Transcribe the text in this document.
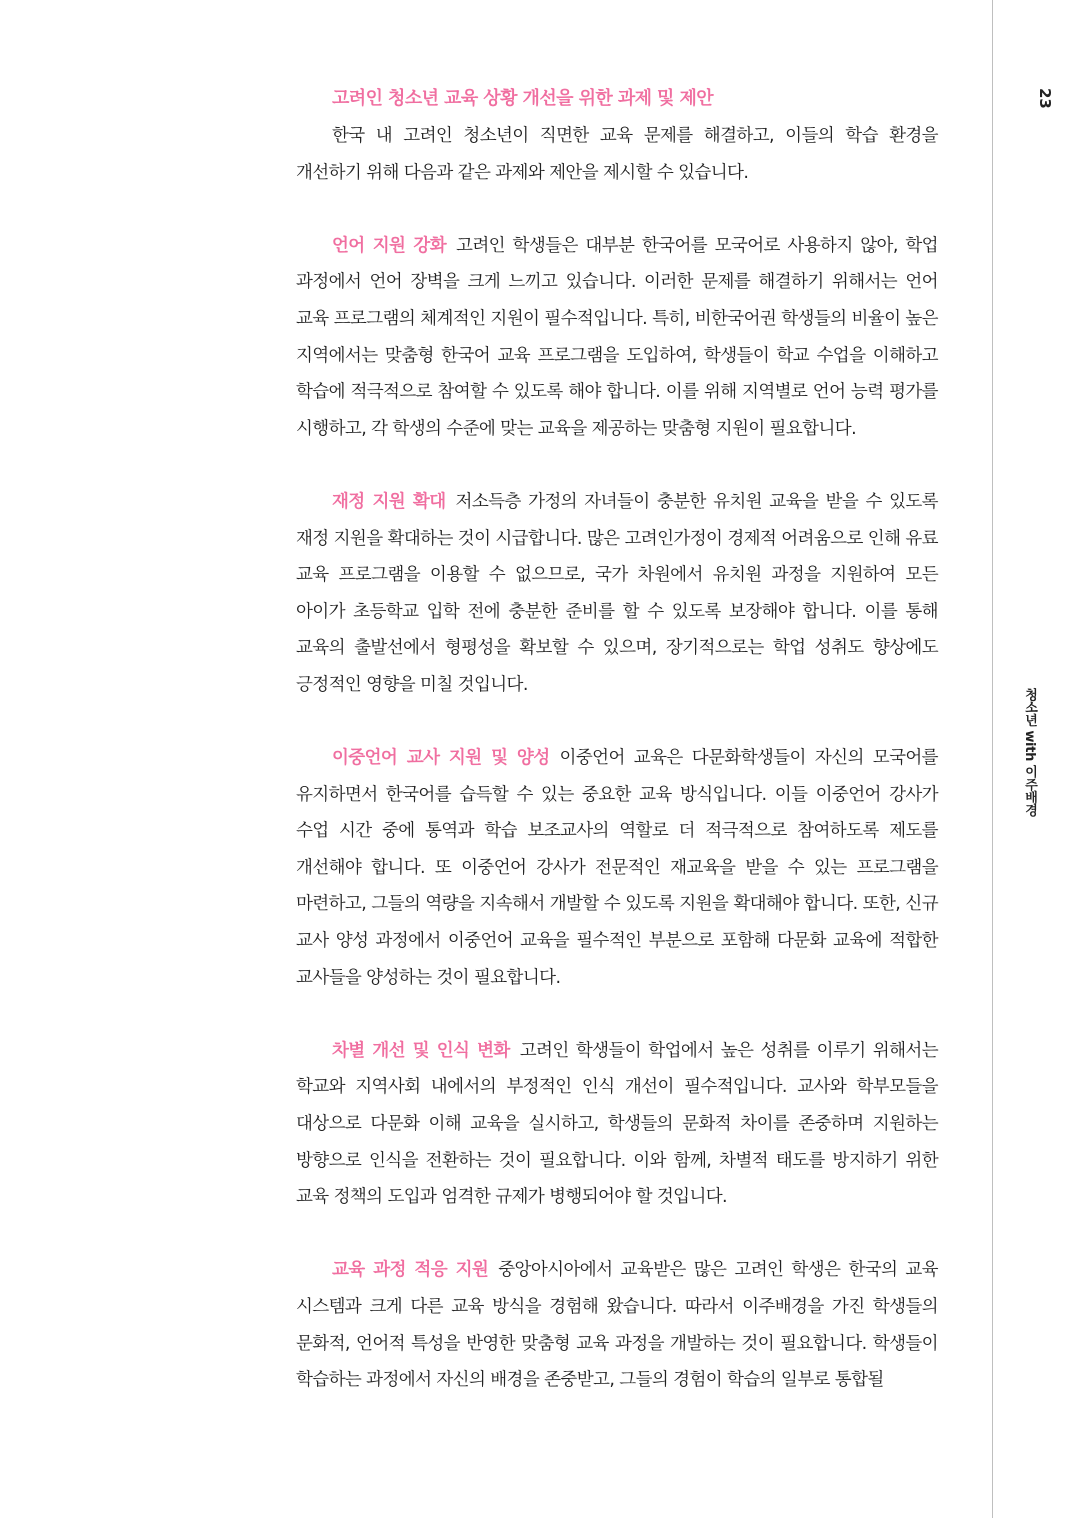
고려인 청소년 교육 상황 개선을 위한 과제 및 제안

한국 내 고려인 청소년이 직면한 교육 문제를 해결하고, 이들의 학습 환경을 개선하기 위해 다음과 같은 과제와 제안을 제시할 수 있습니다.

언어 지원 강화 고려인 학생들은 대부분 한국어를 모국어로 사용하지 않아, 학업 과정에서 언어 장벽을 크게 느끼고 있습니다. 이러한 문제를 해결하기 위해서는 언어 교육 프로그램의 체계적인 지원이 필수적입니다. 특히, 비한국어권 학생들의 비율이 높은 지역에서는 맞춤형 한국어 교육 프로그램을 도입하여, 학생들이 학교 수업을 이해하고 학습에 적극적으로 참여할 수 있도록 해야 합니다. 이를 위해 지역별로 언어 능력 평가를 시행하고, 각 학생의 수준에 맞는 교육을 제공하는 맞춤형 지원이 필요합니다.

재정 지원 확대 저소득층 가정의 자녀들이 충분한 유치원 교육을 받을 수 있도록 재정 지원을 확대하는 것이 시급합니다. 많은 고려인가정이 경제적 어려움으로 인해 유료 교육 프로그램을 이용할 수 없으므로, 국가 차원에서 유치원 과정을 지원하여 모든 아이가 초등학교 입학 전에 충분한 준비를 할 수 있도록 보장해야 합니다. 이를 통해 교육의 출발선에서 형평성을 확보할 수 있으며, 장기적으로는 학업 성취도 향상에도 긍정적인 영향을 미칠 것입니다.

이중언어 교사 지원 및 양성 이중언어 교육은 다문화학생들이 자신의 모국어를 유지하면서 한국어를 습득할 수 있는 중요한 교육 방식입니다. 이들 이중언어 강사가 수업 시간 중에 통역과 학습 보조교사의 역할로 더 적극적으로 참여하도록 제도를 개선해야 합니다. 또 이중언어 강사가 전문적인 재교육을 받을 수 있는 프로그램을 마련하고, 그들의 역량을 지속해서 개발할 수 있도록 지원을 확대해야 합니다. 또한, 신규 교사 양성 과정에서 이중언어 교육을 필수적인 부분으로 포함해 다문화 교육에 적합한 교사들을 양성하는 것이 필요합니다.

차별 개선 및 인식 변화 고려인 학생들이 학업에서 높은 성취를 이루기 위해서는 학교와 지역사회 내에서의 부정적인 인식 개선이 필수적입니다. 교사와 학부모들을 대상으로 다문화 이해 교육을 실시하고, 학생들의 문화적 차이를 존중하며 지원하는 방향으로 인식을 전환하는 것이 필요합니다. 이와 함께, 차별적 태도를 방지하기 위한 교육 정책의 도입과 엄격한 규제가 병행되어야 할 것입니다.

교육 과정 적응 지원 중앙아시아에서 교육받은 많은 고려인 학생은 한국의 교육 시스템과 크게 다른 교육 방식을 경험해 왔습니다. 따라서 이주배경을 가진 학생들의 문화적, 언어적 특성을 반영한 맞춤형 교육 과정을 개발하는 것이 필요합니다. 학생들이 학습하는 과정에서 자신의 배경을 존중받고, 그들의 경험이 학습의 일부로 통합될

23
청소년 with 이주배경
